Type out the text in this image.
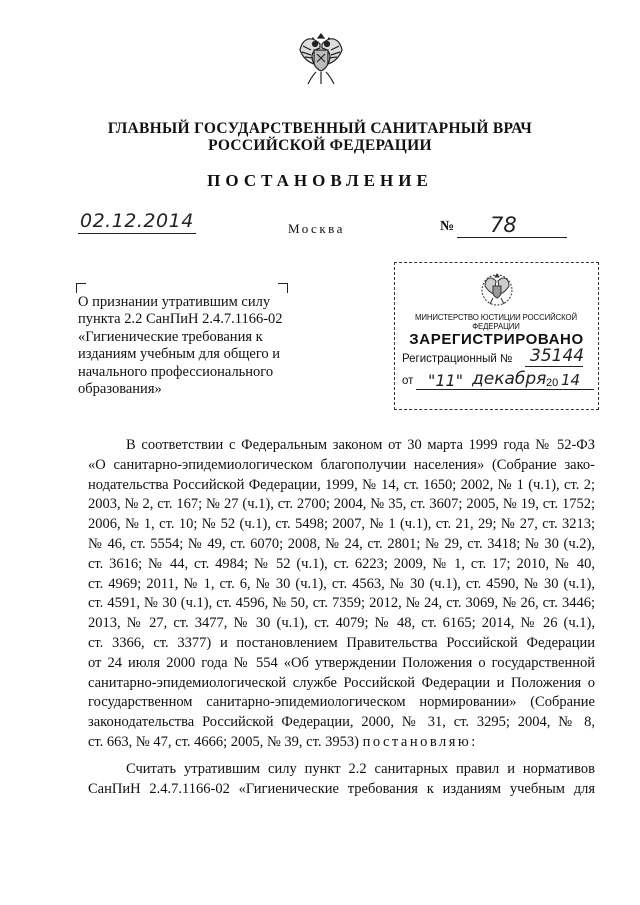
ГЛАВНЫЙ ГОСУДАРСТВЕННЫЙ САНИТАРНЫЙ ВРАЧ
РОССИЙСКОЙ ФЕДЕРАЦИИ
ПОСТАНОВЛЕНИЕ
02.12.2014	Москва	№ 78
О признании утратившим силу
пункта 2.2 СанПиН 2.4.7.1166-02
«Гигиенические требования к
изданиям учебным для общего и
начального профессионального
образования»
МИНИСТЕРСТВО ЮСТИЦИИ РОССИЙСКОЙ ФЕДЕРАЦИИ
ЗАРЕГИСТРИРОВАНО
Регистрационный № 35144
от "11" декабря 20 14
В соответствии с Федеральным законом от 30 марта 1999 года № 52-ФЗ
«О санитарно-эпидемиологическом благополучии населения» (Собрание зако-
нодательства Российской Федерации, 1999, № 14, ст. 1650; 2002, № 1 (ч.1), ст. 2;
2003, № 2, ст. 167; № 27 (ч.1), ст. 2700; 2004, № 35, ст. 3607; 2005, № 19, ст. 1752;
2006, № 1, ст. 10; № 52 (ч.1), ст. 5498; 2007, № 1 (ч.1), ст. 21, 29; № 27, ст. 3213;
№ 46, ст. 5554; № 49, ст. 6070; 2008, № 24, ст. 2801; № 29, ст. 3418; № 30 (ч.2),
ст. 3616; № 44, ст. 4984; № 52 (ч.1), ст. 6223; 2009, № 1, ст. 17; 2010, № 40,
ст. 4969; 2011, № 1, ст. 6, № 30 (ч.1), ст. 4563, № 30 (ч.1), ст. 4590, № 30 (ч.1),
ст. 4591, № 30 (ч.1), ст. 4596, № 50, ст. 7359; 2012, № 24, ст. 3069, № 26, ст. 3446;
2013, № 27, ст. 3477, № 30 (ч.1), ст. 4079; № 48, ст. 6165; 2014, № 26 (ч.1),
ст. 3366, ст. 3377) и постановлением Правительства Российской Федерации
от 24 июля 2000 года № 554 «Об утверждении Положения о государственной
санитарно-эпидемиологической службе Российской Федерации и Положения о
государственном санитарно-эпидемиологическом нормировании» (Собрание
законодательства Российской Федерации, 2000, № 31, ст. 3295; 2004, № 8,
ст. 663, № 47, ст. 4666; 2005, № 39, ст. 3953) постановляю:
Считать утратившим силу пункт 2.2 санитарных правил и нормативов
СанПиН 2.4.7.1166-02 «Гигиенические требования к изданиям учебным для
